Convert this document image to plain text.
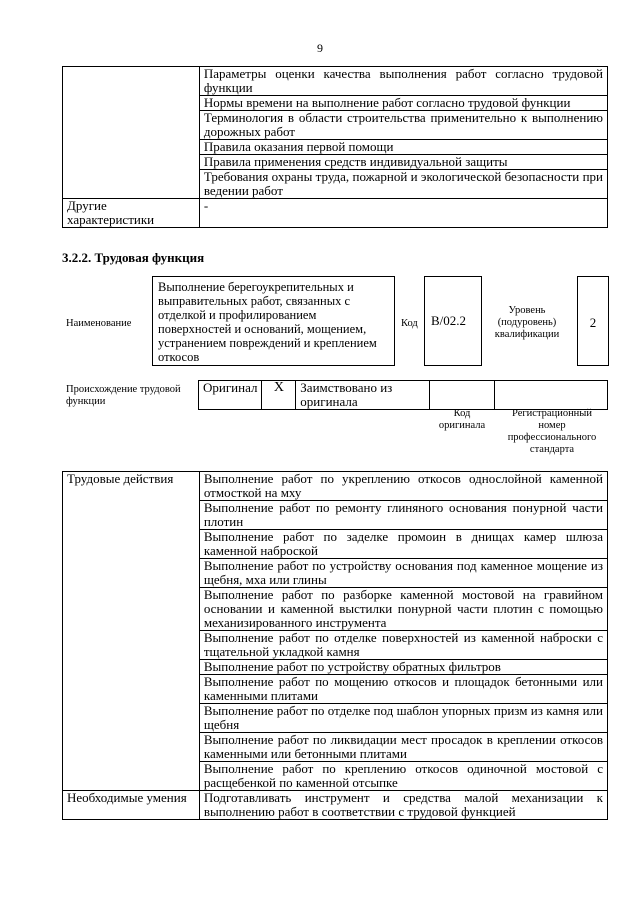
9
	Параметры оценки качества выполнения работ согласно трудовой функции
	Нормы времени на выполнение работ согласно трудовой функции
	Терминология в области строительства применительно к выполнению дорожных работ
	Правила оказания первой помощи
	Правила применения средств индивидуальной защиты
	Требования охраны труда, пожарной и экологической безопасности при ведении работ
Другие характеристики	-
3.2.2. Трудовая функция
Наименование
Выполнение берегоукрепительных и выправительных работ, связанных с отделкой и профилированием поверхностей и оснований, мощением, устранением повреждений и креплением откосов
Код	B/02.2
Уровень (подуровень) квалификации
2
Происхождение трудовой функции
Оригинал	X	Заимствовано из оригинала		
Код оригинала
Регистрационный номер профессионального стандарта
Трудовые действия	Выполнение работ по укреплению откосов однослойной каменной отмосткой на мху
	Выполнение работ по ремонту глиняного основания понурной части плотин
	Выполнение работ по заделке промоин в днищах камер шлюза каменной наброской
	Выполнение работ по устройству основания под каменное мощение из щебня, мха или глины
	Выполнение работ по разборке каменной мостовой на гравийном основании и каменной выстилки понурной части плотин с помощью механизированного инструмента
	Выполнение работ по отделке поверхностей из каменной наброски с тщательной укладкой камня
	Выполнение работ по устройству обратных фильтров
	Выполнение работ по мощению откосов и площадок бетонными или каменными плитами
	Выполнение работ по отделке под шаблон упорных призм из камня или щебня
	Выполнение работ по ликвидации мест просадок в креплении откосов каменными или бетонными плитами
	Выполнение работ по креплению откосов одиночной мостовой с расщебенкой по каменной отсыпке
Необходимые умения	Подготавливать инструмент и средства малой механизации к выполнению работ в соответствии с трудовой функцией
